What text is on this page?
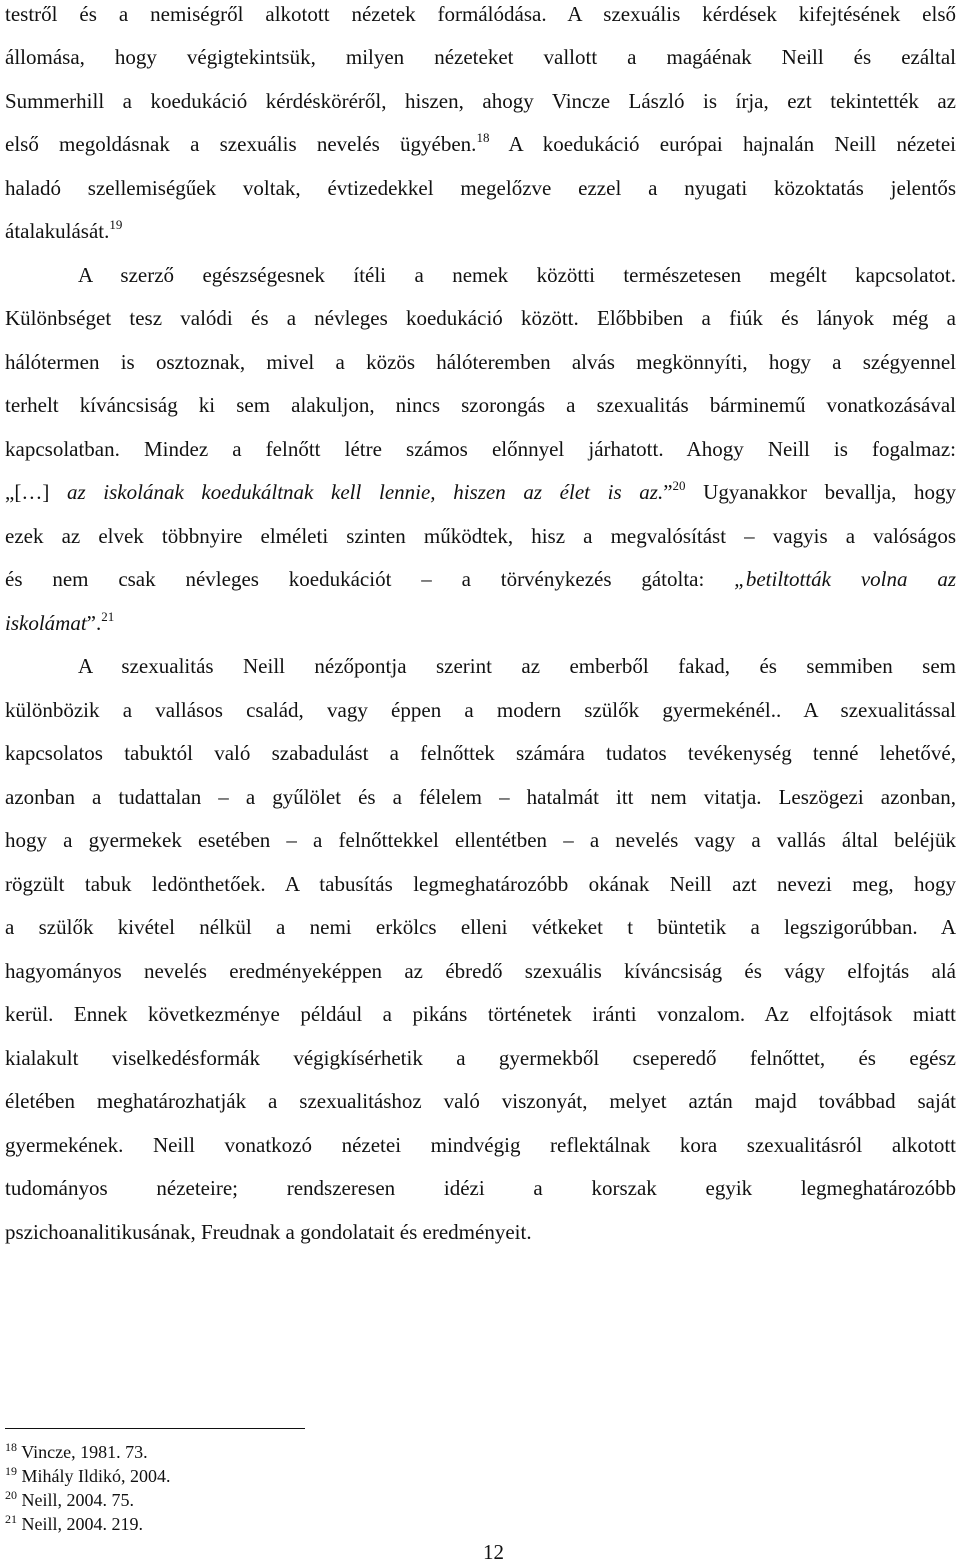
testről és a nemiségről alkotott nézetek formálódása. A szexuális kérdések kifejtésének első
állomása, hogy végigtekintsük, milyen nézeteket vallott a magáénak Neill és ezáltal
Summerhill a koedukáció kérdésköréről, hiszen, ahogy Vincze László is írja, ezt tekintették az
első megoldásnak a szexuális nevelés ügyében.$^{18}$ A koedukáció európai hajnalán Neill nézetei
haladó szellemiségűek voltak, évtizedekkel megelőzve ezzel a nyugati közoktatás jelentős
átalakulását.$^{19}$
A szerző egészségesnek ítéli a nemek közötti természetesen megélt kapcsolatot.
Különbséget tesz valódi és a névleges koedukáció között. Előbbiben a fiúk és lányok még a
hálótermen is osztoznak, mivel a közös hálóteremben alvás megkönnyíti, hogy a szégyennel
terhelt kíváncsiság ki sem alakuljon, nincs szorongás a szexualitás bárminemű vonatkozásával
kapcsolatban. Mindez a felnőtt létre számos előnnyel járhatott. Ahogy Neill is fogalmaz:
„[…] az iskolának koedukáltnak kell lennie, hiszen az élet is az.”$^{20}$ Ugyanakkor bevallja, hogy
ezek az elvek többnyire elméleti szinten működtek, hisz a megvalósítást – vagyis a valóságos
és nem csak névleges koedukációt – a törvénykezés gátolta: „betiltották volna az
iskolámat”.$^{21}$
A szexualitás Neill nézőpontja szerint az emberből fakad, és semmiben sem
különbözik a vallásos család, vagy éppen a modern szülők gyermekénél.. A szexualitással
kapcsolatos tabuktól való szabadulást a felnőttek számára tudatos tevékenység tenné lehetővé,
azonban a tudattalan – a gyűlölet és a félelem – hatalmát itt nem vitatja. Leszögezi azonban,
hogy a gyermekek esetében – a felnőttekkel ellentétben – a nevelés vagy a vallás által beléjük
rögzült tabuk ledönthetőek. A tabusítás legmeghatározóbb okának Neill azt nevezi meg, hogy
a szülők kivétel nélkül a nemi erkölcs elleni vétkeket t büntetik a legszigorúbban. A
hagyományos nevelés eredményeképpen az ébredő szexuális kíváncsiság és vágy elfojtás alá
kerül. Ennek következménye például a pikáns történetek iránti vonzalom. Az elfojtások miatt
kialakult viselkedésformák végigkísérhetik a gyermekből cseperedő felnőttet, és egész
életében meghatározhatják a szexualitáshoz való viszonyát, melyet aztán majd továbbad saját
gyermekének. Neill vonatkozó nézetei mindvégig reflektálnak kora szexualitásról alkotott
tudományos nézeteire; rendszeresen idézi a korszak egyik legmeghatározóbb
pszichoanalitikusának, Freudnak a gondolatait és eredményeit.
$^{18}$ Vincze, 1981. 73.
$^{19}$ Mihály Ildikó, 2004.
$^{20}$ Neill, 2004. 75.
$^{21}$ Neill, 2004. 219.
12
